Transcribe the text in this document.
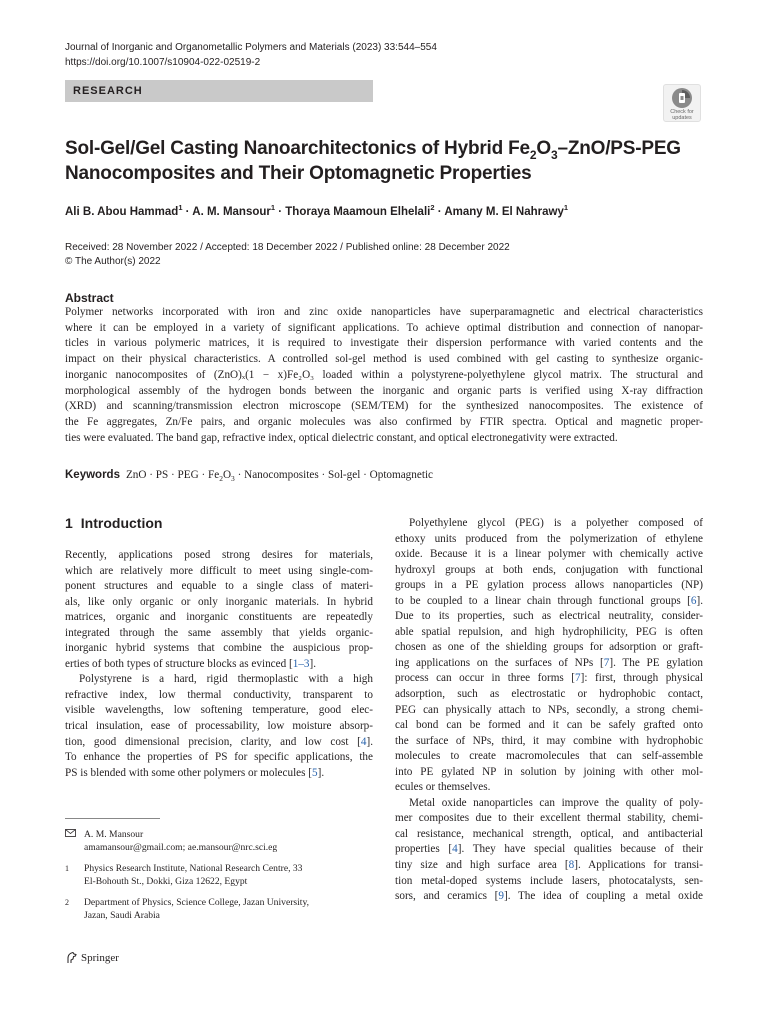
Journal of Inorganic and Organometallic Polymers and Materials (2023) 33:544–554
https://doi.org/10.1007/s10904-022-02519-2
RESEARCH
Check for
updates
Sol-Gel/Gel Casting Nanoarchitectonics of Hybrid $Fe_2O_3-ZnO/PS$-PEG
Nanocomposites and Their Optomagnetic Properties
Ali B. Abou Hammad$^1$ · A. M. Mansour$^1$ · Thoraya Maamoun Elhelali$^2$ · Amany M. El Nahrawy$^1$
Received: 28 November 2022 / Accepted: 18 December 2022 / Published online: 28 December 2022
© The Author(s) 2022
Abstract
Polymer networks incorporated with iron and zinc oxide nanoparticles have superparamagnetic and electrical characteristics
where it can be employed in a variety of significant applications. To achieve optimal distribution and connection of nanopar-
ticles in various polymeric matrices, it is required to investigate their dispersion performance with varied contents and the
impact on their physical characteristics. A controlled sol-gel method is used combined with gel casting to synthesize organic-
inorganic nanocomposites of (ZnO)ₓ(1 − x)Fe₂O₃ loaded within a polystyrene-polyethylene glycol matrix. The structural and
morphological assembly of the hydrogen bonds between the inorganic and organic parts is verified using X-ray diffraction
(XRD) and scanning/transmission electron microscope (SEM/TEM) for the synthesized nanocomposites. The existence of
the Fe aggregates, Zn/Fe pairs, and organic molecules was also confirmed by FTIR spectra. Optical and magnetic proper-
ties were evaluated. The band gap, refractive index, optical dielectric constant, and optical electronegativity were extracted.
Keywords ZnO · PS · PEG · $Fe_2O_3$ · Nanocomposites · Sol-gel · Optomagnetic
1 Introduction
Recently, applications posed strong desires for materials,
which are relatively more difficult to meet using single-com-
ponent structures and equable to a single class of materi-
als, like only organic or only inorganic materials. In hybrid
matrices, organic and inorganic constituents are repeatedly
integrated through the same assembly that yields organic-
inorganic hybrid systems that combine the auspicious prop-
erties of both types of structure blocks as evinced [1–3].
Polystyrene is a hard, rigid thermoplastic with a high
refractive index, low thermal conductivity, transparent to
visible wavelengths, low softening temperature, good elec-
trical insulation, ease of processability, low moisture absorp-
tion, good dimensional precision, clarity, and low cost [4].
To enhance the properties of PS for specific applications, the
PS is blended with some other polymers or molecules [5].
Polyethylene glycol (PEG) is a polyether composed of
ethoxy units produced from the polymerization of ethylene
oxide. Because it is a linear polymer with chemically active
hydroxyl groups at both ends, conjugation with functional
groups in a PE gylation process allows nanoparticles (NP)
to be coupled to a linear chain through functional groups [6].
Due to its properties, such as electrical neutrality, consider-
able spatial repulsion, and high hydrophilicity, PEG is often
chosen as one of the shielding groups for adsorption or graft-
ing applications on the surfaces of NPs [7]. The PE gylation
process can occur in three forms [7]: first, through physical
adsorption, such as electrostatic or hydrophobic contact,
PEG can physically attach to NPs, secondly, a strong chemi-
cal bond can be formed and it can be safely grafted onto
the surface of NPs, third, it may combine with hydrophobic
molecules to create macromolecules that can self-assemble
into PE gylated NP in solution by joining with other mol-
ecules or themselves.
Metal oxide nanoparticles can improve the quality of poly-
mer composites due to their excellent thermal stability, chemi-
cal resistance, mechanical strength, optical, and antibacterial
properties [4]. They have special qualities because of their
tiny size and high surface area [8]. Applications for transi-
tion metal-doped systems include lasers, photocatalysts, sen-
sors, and ceramics [9]. The idea of coupling a metal oxide
A. M. Mansour
amamansour@gmail.com; ae.mansour@nrc.sci.eg
1 Physics Research Institute, National Research Centre, 33
El-Bohouth St., Dokki, Giza 12622, Egypt
2 Department of Physics, Science College, Jazan University,
Jazan, Saudi Arabia
Springer
